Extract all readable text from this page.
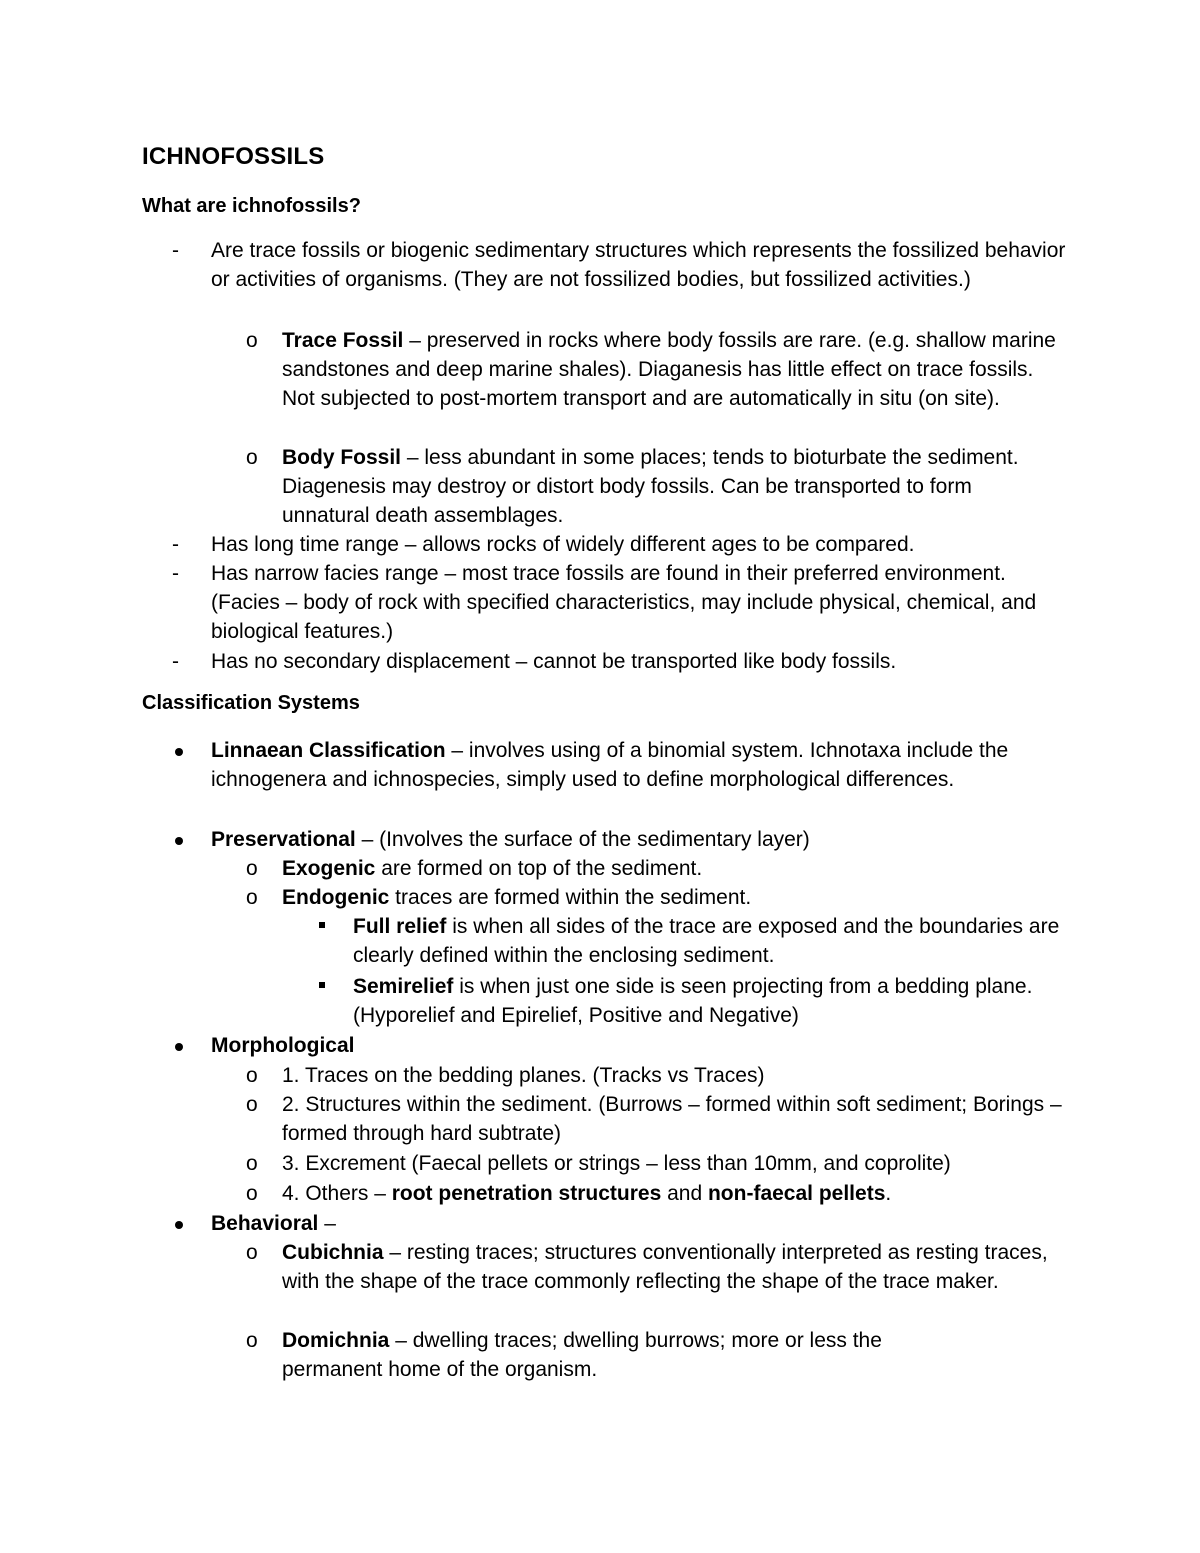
ICHNOFOSSILS
What are ichnofossils?
- Are trace fossils or biogenic sedimentary structures which represents the fossilized behavior or activities of organisms. (They are not fossilized bodies, but fossilized activities.)

o Trace Fossil – preserved in rocks where body fossils are rare. (e.g. shallow marine sandstones and deep marine shales). Diaganesis has little effect on trace fossils. Not subjected to post-mortem transport and are automatically in situ (on site).

o Body Fossil – less abundant in some places; tends to bioturbate the sediment. Diagenesis may destroy or distort body fossils. Can be transported to form unnatural death assemblages.

- Has long time range – allows rocks of widely different ages to be compared.

- Has narrow facies range – most trace fossils are found in their preferred environment. (Facies – body of rock with specified characteristics, may include physical, chemical, and biological features.)

- Has no secondary displacement – cannot be transported like body fossils.

Classification Systems

Linnaean Classification – involves using of a binomial system. Ichnotaxa include the ichnogenera and ichnospecies, simply used to define morphological differences.

Preservational – (Involves the surface of the sedimentary layer)

o Exogenic are formed on top of the sediment.

o Endogenic traces are formed within the sediment.

Full relief is when all sides of the trace are exposed and the boundaries are clearly defined within the enclosing sediment.

Semirelief is when just one side is seen projecting from a bedding plane. (Hyporelief and Epirelief, Positive and Negative)

Morphological

o 1. Traces on the bedding planes. (Tracks vs Traces)

o 2. Structures within the sediment. (Burrows – formed within soft sediment; Borings – formed through hard subtrate)

o 3. Excrement (Faecal pellets or strings – less than 10mm, and coprolite)

o 4. Others – root penetration structures and non-faecal pellets.

Behavioral –

o Cubichnia – resting traces; structures conventionally interpreted as resting traces, with the shape of the trace commonly reflecting the shape of the trace maker.

o Domichnia – dwelling traces; dwelling burrows; more or less the permanent home of the organism.
